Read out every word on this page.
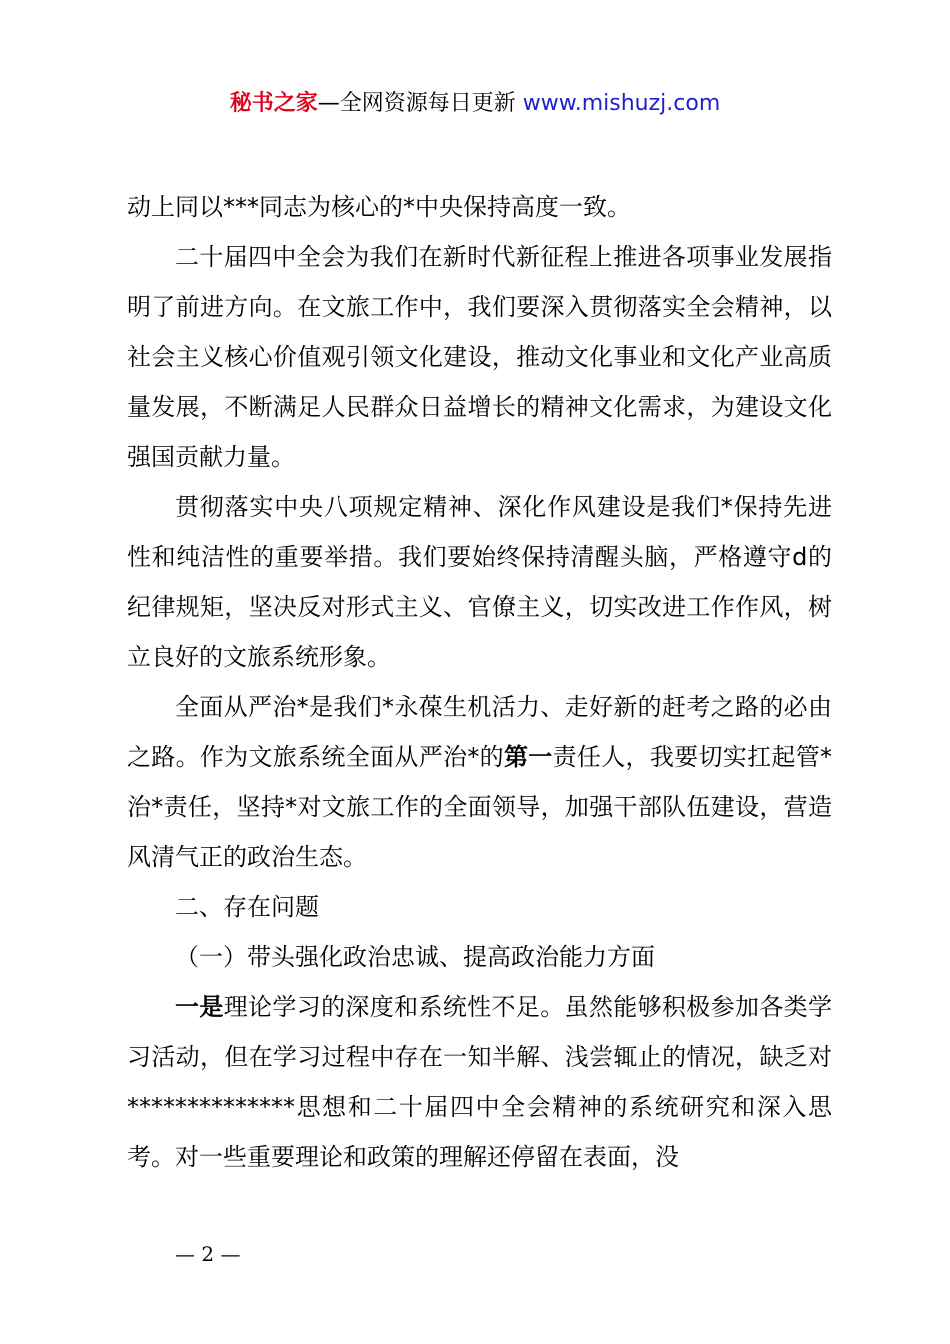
秘书之家—全网资源每日更新 www.mishuzj.com

动上同以***同志为核心的*中央保持高度一致。

二十届四中全会为我们在新时代新征程上推进各项事业发展指明了前进方向。在文旅工作中，我们要深入贯彻落实全会精神，以社会主义核心价值观引领文化建设，推动文化事业和文化产业高质量发展，不断满足人民群众日益增长的精神文化需求，为建设文化强国贡献力量。

贯彻落实中央八项规定精神、深化作风建设是我们*保持先进性和纯洁性的重要举措。我们要始终保持清醒头脑，严格遵守d的纪律规矩，坚决反对形式主义、官僚主义，切实改进工作作风，树立良好的文旅系统形象。

全面从严治*是我们*永葆生机活力、走好新的赶考之路的必由之路。作为文旅系统全面从严治*的第一责任人，我要切实扛起管*治*责任，坚持*对文旅工作的全面领导，加强干部队伍建设，营造风清气正的政治生态。

二、存在问题

（一）带头强化政治忠诚、提高政治能力方面

一是理论学习的深度和系统性不足。虽然能够积极参加各类学习活动，但在学习过程中存在一知半解、浅尝辄止的情况，缺乏对**************思想和二十届四中全会精神的系统研究和深入思考。对一些重要理论和政策的理解还停留在表面，没

— 2 —
